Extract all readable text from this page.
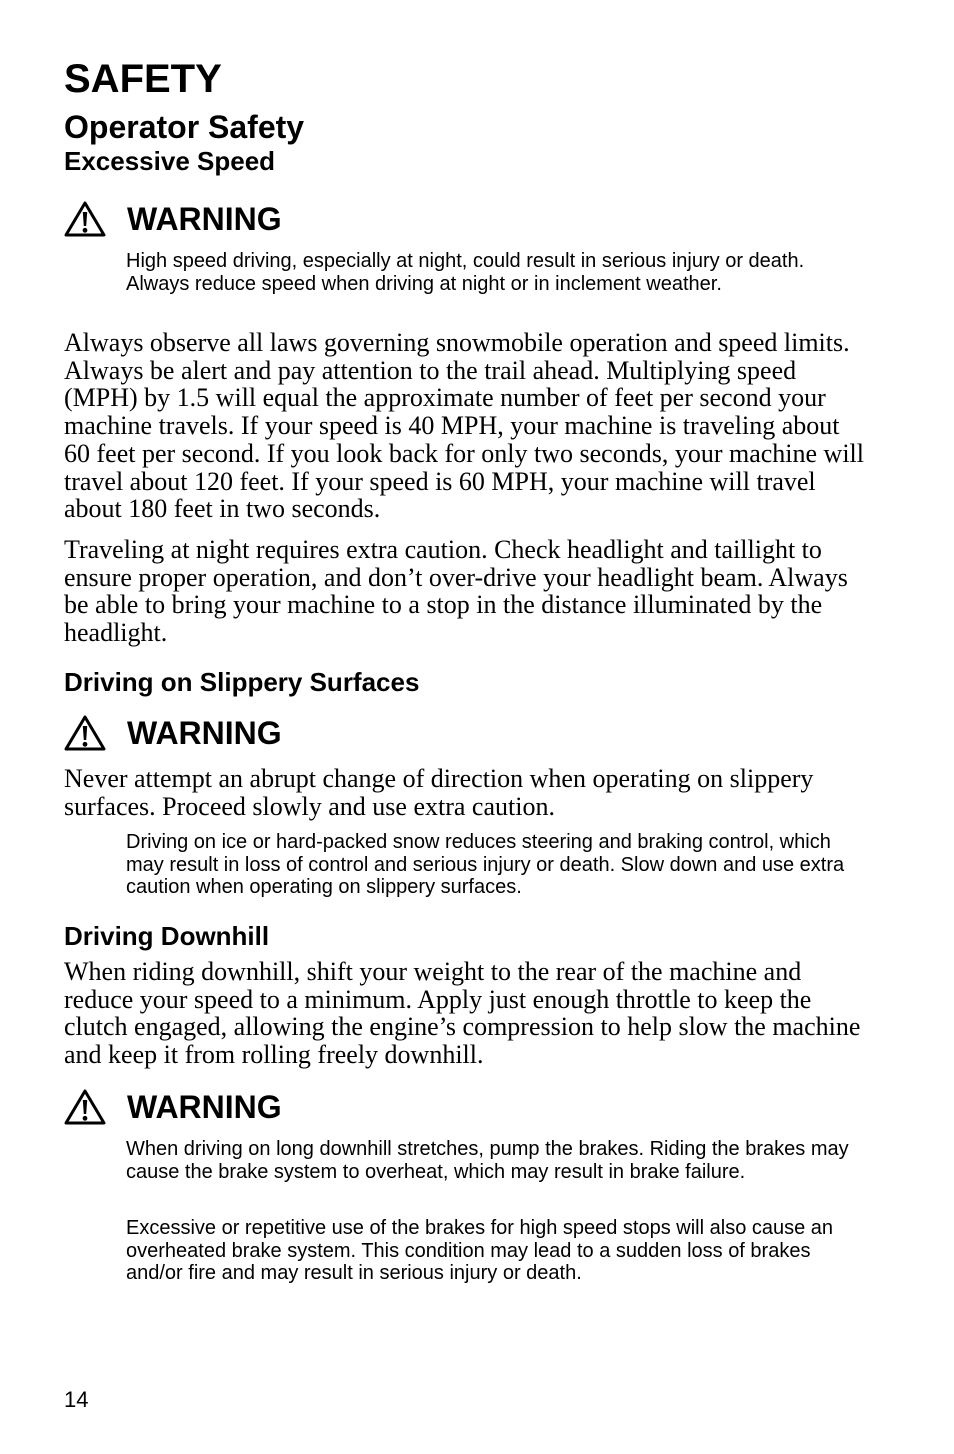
SAFETY
Operator Safety
Excessive Speed
WARNING

High speed driving, especially at night, could result in serious injury or death. Always reduce speed when driving at night or in inclement weather.

Always observe all laws governing snowmobile operation and speed limits. Always be alert and pay attention to the trail ahead. Multiplying speed (MPH) by 1.5 will equal the approximate number of feet per second your machine travels. If your speed is 40 MPH, your machine is traveling about 60 feet per second. If you look back for only two seconds, your machine will travel about 120 feet. If your speed is 60 MPH, your machine will travel about 180 feet in two seconds.

Traveling at night requires extra caution. Check headlight and taillight to ensure proper operation, and don’t over-drive your headlight beam. Always be able to bring your machine to a stop in the distance illuminated by the headlight.

Driving on Slippery Surfaces
WARNING

Never attempt an abrupt change of direction when operating on slippery surfaces. Proceed slowly and use extra caution.

Driving on ice or hard-packed snow reduces steering and braking control, which may result in loss of control and serious injury or death. Slow down and use extra caution when operating on slippery surfaces.

Driving Downhill

When riding downhill, shift your weight to the rear of the machine and reduce your speed to a minimum. Apply just enough throttle to keep the clutch engaged, allowing the engine’s compression to help slow the machine and keep it from rolling freely downhill.

WARNING

When driving on long downhill stretches, pump the brakes. Riding the brakes may cause the brake system to overheat, which may result in brake failure.

Excessive or repetitive use of the brakes for high speed stops will also cause an overheated brake system. This condition may lead to a sudden loss of brakes and/or fire and may result in serious injury or death.

14
